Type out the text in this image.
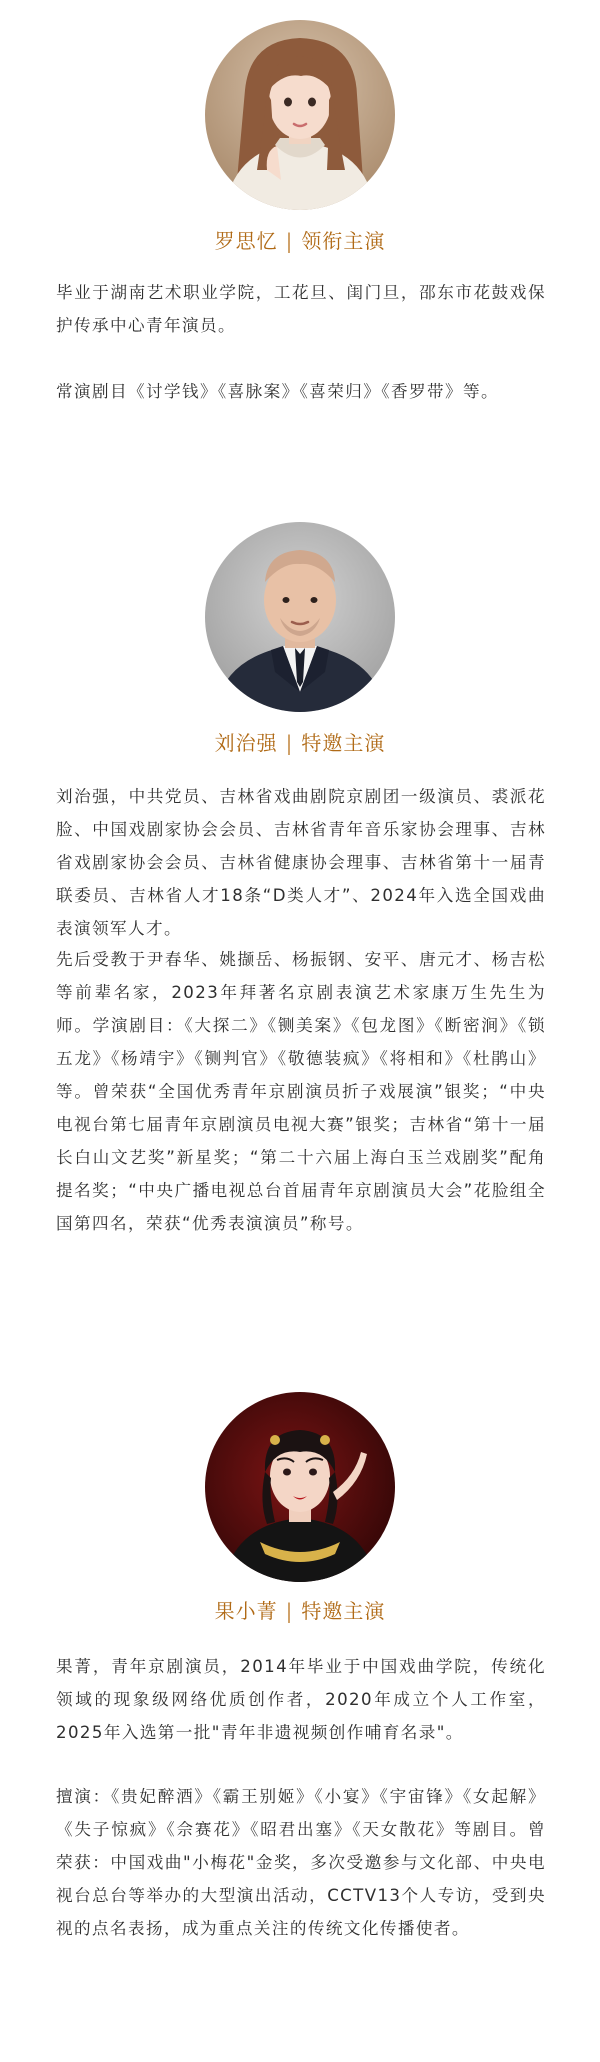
罗思忆 | 领衔主演

毕业于湖南艺术职业学院，工花旦、闺门旦，邵东市花鼓戏保护传承中心青年演员。

常演剧目《讨学钱》《喜脉案》《喜荣归》《香罗带》等。

刘治强 | 特邀主演

刘治强，中共党员、吉林省戏曲剧院京剧团一级演员、裘派花脸、中国戏剧家协会会员、吉林省青年音乐家协会理事、吉林省戏剧家协会会员、吉林省健康协会理事、吉林省第十一届青联委员、吉林省人才18条“D类人才”、2024年入选全国戏曲表演领军人才。

先后受教于尹春华、姚撷岳、杨振钢、安平、唐元才、杨吉松等前辈名家，2023年拜著名京剧表演艺术家康万生先生为师。学演剧目：《大探二》《铡美案》《包龙图》《断密涧》《锁五龙》《杨靖宇》《铡判官》《敬德装疯》《将相和》《杜鹃山》等。曾荣获“全国优秀青年京剧演员折子戏展演”银奖；“中央电视台第七届青年京剧演员电视大赛”银奖；吉林省“第十一届长白山文艺奖”新星奖；“第二十六届上海白玉兰戏剧奖”配角提名奖；“中央广播电视总台首届青年京剧演员大会”花脸组全国第四名，荣获“优秀表演演员”称号。

果小菁 | 特邀主演

果菁，青年京剧演员，2014年毕业于中国戏曲学院，传统化领域的现象级网络优质创作者，2020年成立个人工作室，2025年入选第一批"青年非遗视频创作哺育名录"。

擅演：《贵妃醉酒》《霸王别姬》《小宴》《宇宙锋》《女起解》《失子惊疯》《佘赛花》《昭君出塞》《天女散花》等剧目。曾荣获：中国戏曲"小梅花"金奖，多次受邀参与文化部、中央电视台总台等举办的大型演出活动，CCTV13个人专访，受到央视的点名表扬，成为重点关注的传统文化传播使者。
